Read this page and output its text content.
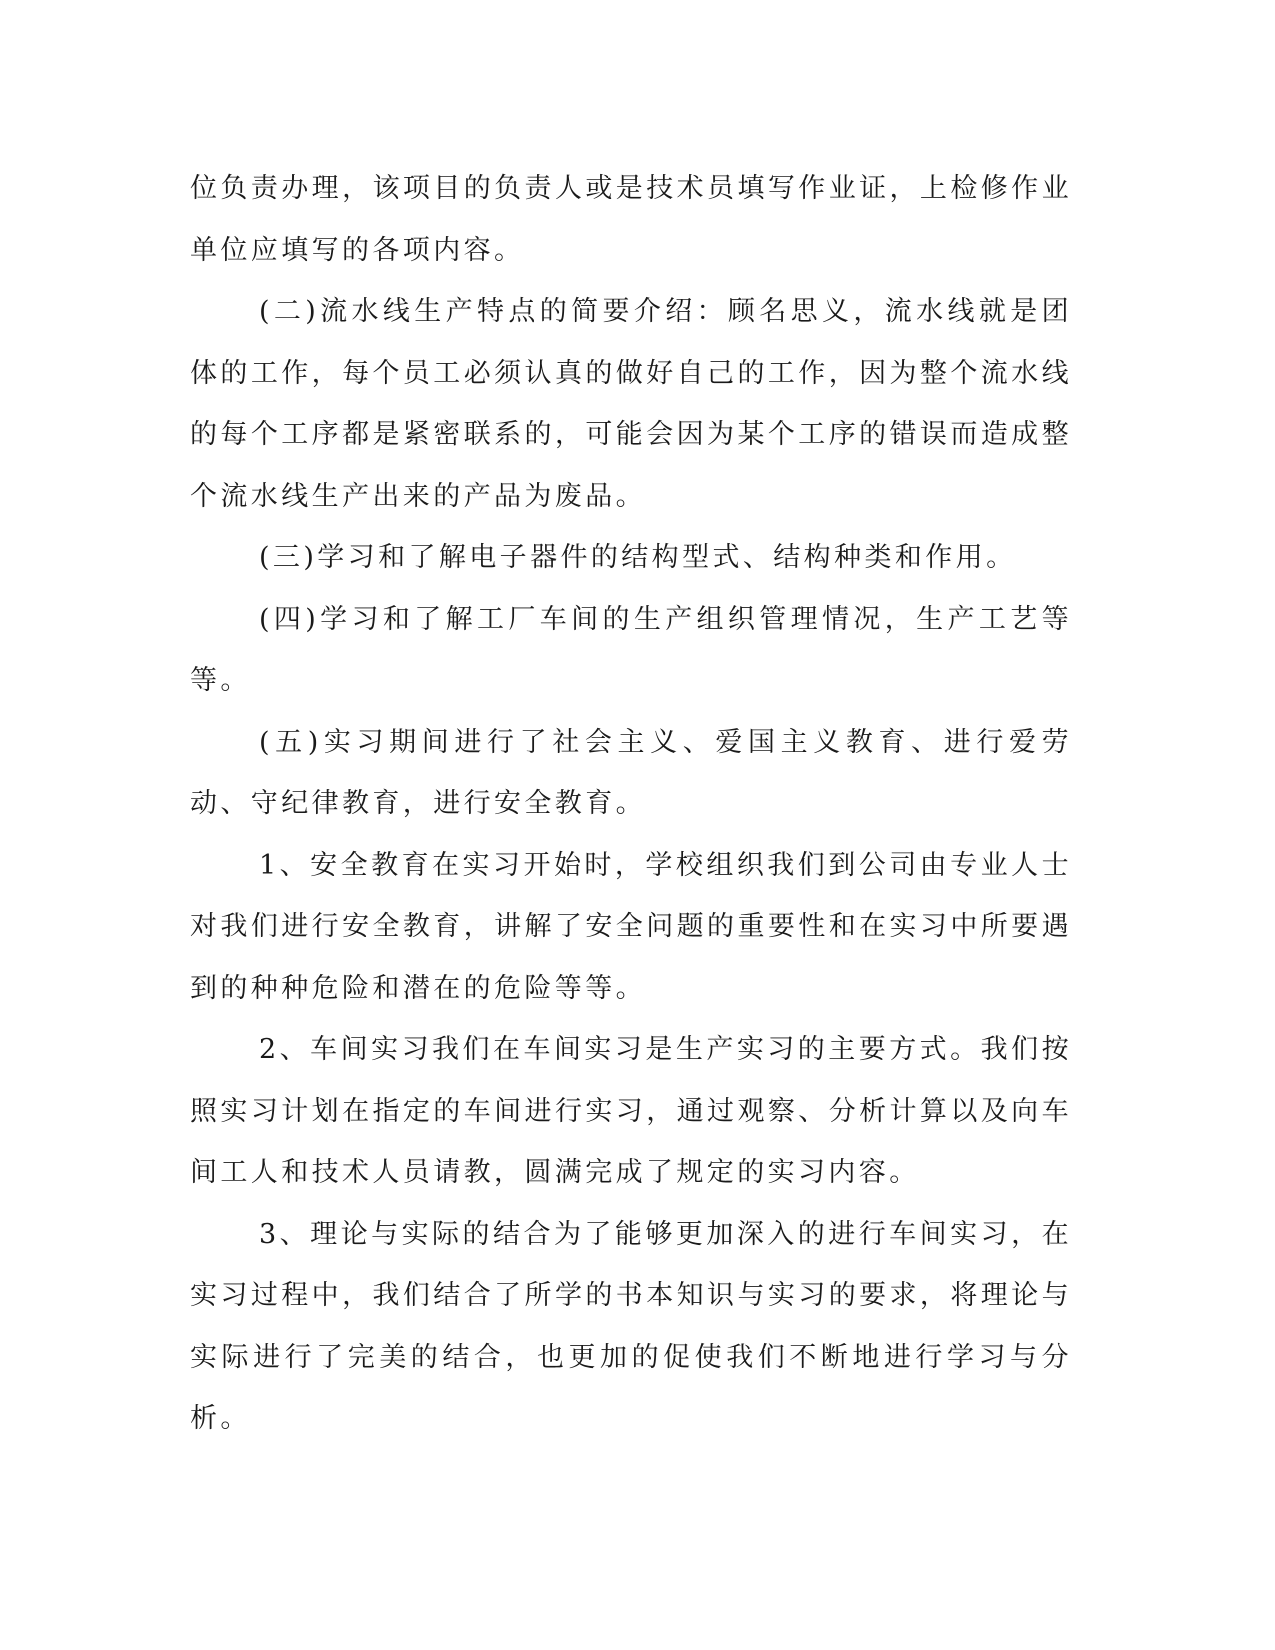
位负责办理，该项目的负责人或是技术员填写作业证，上检修作业单位应填写的各项内容。

(二)流水线生产特点的简要介绍：顾名思义，流水线就是团体的工作，每个员工必须认真的做好自己的工作，因为整个流水线的每个工序都是紧密联系的，可能会因为某个工序的错误而造成整个流水线生产出来的产品为废品。

(三)学习和了解电子器件的结构型式、结构种类和作用。

(四)学习和了解工厂车间的生产组织管理情况，生产工艺等等。

(五)实习期间进行了社会主义、爱国主义教育、进行爱劳动、守纪律教育，进行安全教育。

1、安全教育在实习开始时，学校组织我们到公司由专业人士对我们进行安全教育，讲解了安全问题的重要性和在实习中所要遇到的种种危险和潜在的危险等等。

2、车间实习我们在车间实习是生产实习的主要方式。我们按照实习计划在指定的车间进行实习，通过观察、分析计算以及向车间工人和技术人员请教，圆满完成了规定的实习内容。

3、理论与实际的结合为了能够更加深入的进行车间实习，在实习过程中，我们结合了所学的书本知识与实习的要求，将理论与实际进行了完美的结合，也更加的促使我们不断地进行学习与分析。
